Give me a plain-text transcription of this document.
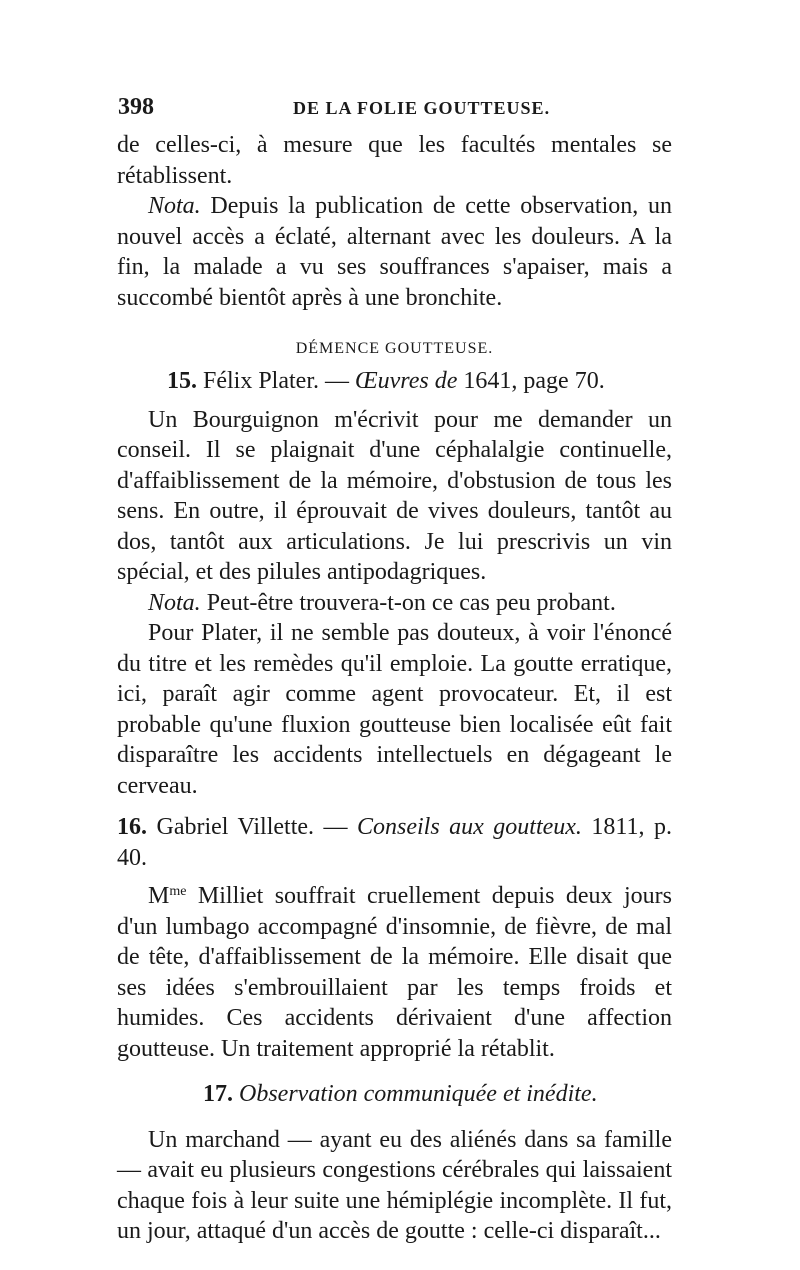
398	DE LA FOLIE GOUTTEUSE.

de celles-ci, à mesure que les facultés mentales se rétablissent.

Nota. Depuis la publication de cette observation, un nouvel accès a éclaté, alternant avec les douleurs. A la fin, la malade a vu ses souffrances s'apaiser, mais a succombé bientôt après à une bronchite.

DÉMENCE GOUTTEUSE.

15. Félix Plater. — Œuvres de 1641, page 70.

Un Bourguignon m'écrivit pour me demander un conseil. Il se plaignait d'une céphalalgie continuelle, d'affaiblissement de la mémoire, d'obstusion de tous les sens. En outre, il éprouvait de vives douleurs, tantôt au dos, tantôt aux articulations. Je lui prescrivis un vin spécial, et des pilules antipodagriques.

Nota. Peut-être trouvera-t-on ce cas peu probant.

Pour Plater, il ne semble pas douteux, à voir l'énoncé du titre et les remèdes qu'il emploie. La goutte erratique, ici, paraît agir comme agent provocateur. Et, il est probable qu'une fluxion goutteuse bien localisée eût fait disparaître les accidents intellectuels en dégageant le cerveau.

16. Gabriel Villette. — Conseils aux goutteux. 1811, p. 40.

$M^{me}$ Milliet souffrait cruellement depuis deux jours d'un lumbago accompagné d'insomnie, de fièvre, de mal de tête, d'affaiblissement de la mémoire. Elle disait que ses idées s'embrouillaient par les temps froids et humides. Ces accidents dérivaient d'une affection goutteuse. Un traitement approprié la rétablit.

17. Observation communiquée et inédite.

Un marchand — ayant eu des aliénés dans sa famille — avait eu plusieurs congestions cérébrales qui laissaient chaque fois à leur suite une hémiplégie incomplète. Il fut, un jour, attaqué d'un accès de goutte : celle-ci disparaît...
